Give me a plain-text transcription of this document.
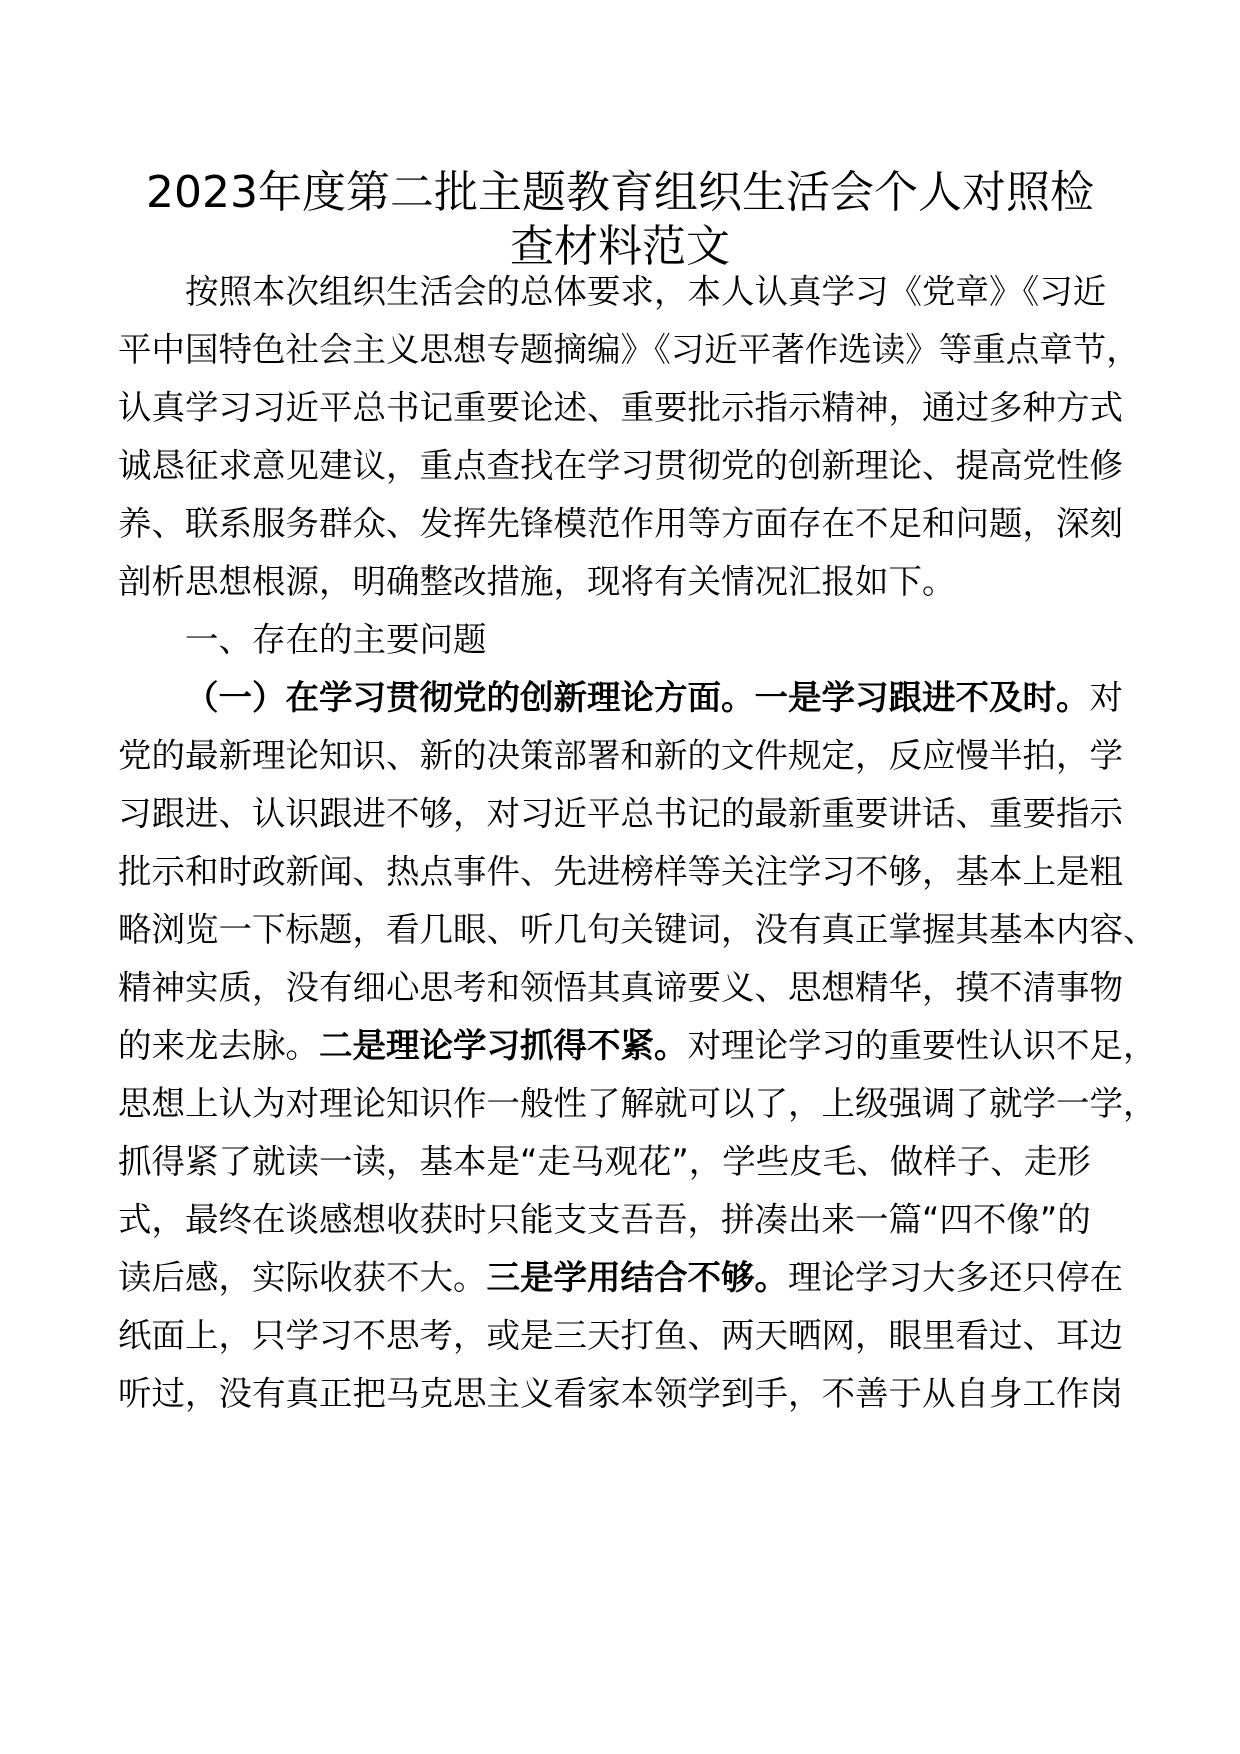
2023年度第二批主题教育组织生活会个人对照检
查材料范文
按照本次组织生活会的总体要求，本人认真学习《党章》《习近
平中国特色社会主义思想专题摘编》《习近平著作选读》等重点章节，
认真学习习近平总书记重要论述、重要批示指示精神，通过多种方式
诚恳征求意见建议，重点查找在学习贯彻党的创新理论、提高党性修
养、联系服务群众、发挥先锋模范作用等方面存在不足和问题，深刻
剖析思想根源，明确整改措施，现将有关情况汇报如下。
一、存在的主要问题
（一）在学习贯彻党的创新理论方面。一是学习跟进不及时。对
党的最新理论知识、新的决策部署和新的文件规定，反应慢半拍，学
习跟进、认识跟进不够，对习近平总书记的最新重要讲话、重要指示
批示和时政新闻、热点事件、先进榜样等关注学习不够，基本上是粗
略浏览一下标题，看几眼、听几句关键词，没有真正掌握其基本内容、
精神实质，没有细心思考和领悟其真谛要义、思想精华，摸不清事物
的来龙去脉。二是理论学习抓得不紧。对理论学习的重要性认识不足，
思想上认为对理论知识作一般性了解就可以了，上级强调了就学一学，
抓得紧了就读一读，基本是“走马观花”，学些皮毛、做样子、走形
式，最终在谈感想收获时只能支支吾吾，拼凑出来一篇“四不像”的
读后感，实际收获不大。三是学用结合不够。理论学习大多还只停在
纸面上，只学习不思考，或是三天打鱼、两天晒网，眼里看过、耳边
听过，没有真正把马克思主义看家本领学到手，不善于从自身工作岗
